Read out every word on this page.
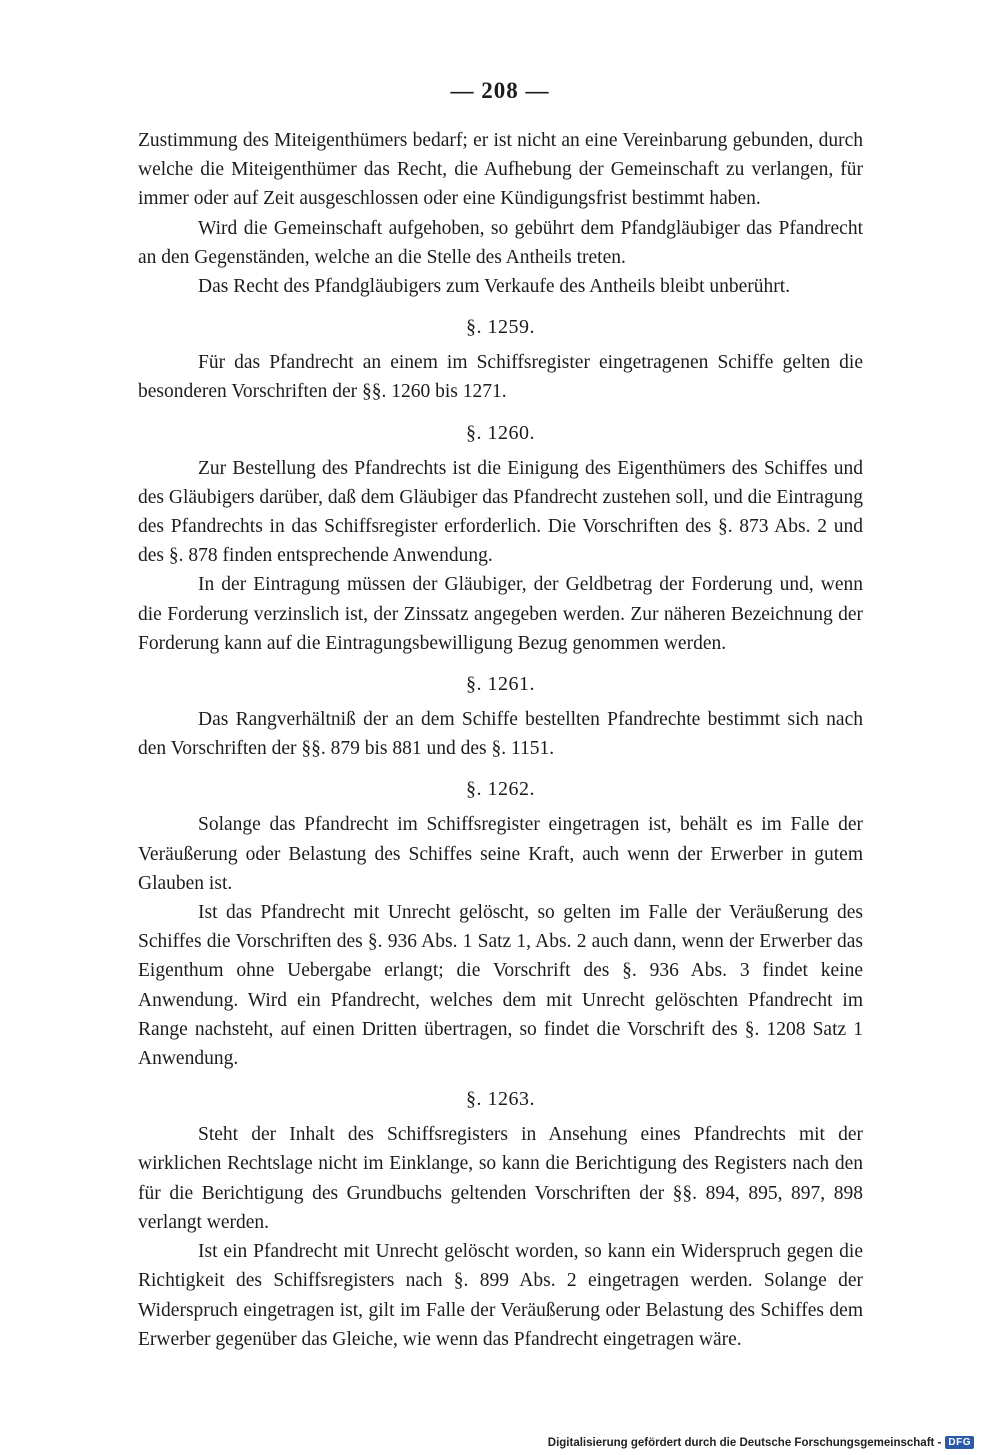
— 208 —

Zustimmung des Miteigenthümers bedarf; er ist nicht an eine Vereinbarung gebunden, durch welche die Miteigenthümer das Recht, die Aufhebung der Gemeinschaft zu verlangen, für immer oder auf Zeit ausgeschlossen oder eine Kündigungsfrist bestimmt haben.

Wird die Gemeinschaft aufgehoben, so gebührt dem Pfandgläubiger das Pfandrecht an den Gegenständen, welche an die Stelle des Antheils treten.

Das Recht des Pfandgläubigers zum Verkaufe des Antheils bleibt unberührt.

§. 1259.

Für das Pfandrecht an einem im Schiffsregister eingetragenen Schiffe gelten die besonderen Vorschriften der §§. 1260 bis 1271.

§. 1260.

Zur Bestellung des Pfandrechts ist die Einigung des Eigenthümers des Schiffes und des Gläubigers darüber, daß dem Gläubiger das Pfandrecht zustehen soll, und die Eintragung des Pfandrechts in das Schiffsregister erforderlich. Die Vorschriften des §. 873 Abs. 2 und des §. 878 finden entsprechende Anwendung.

In der Eintragung müssen der Gläubiger, der Geldbetrag der Forderung und, wenn die Forderung verzinslich ist, der Zinssatz angegeben werden. Zur näheren Bezeichnung der Forderung kann auf die Eintragungsbewilligung Bezug genommen werden.

§. 1261.

Das Rangverhältniß der an dem Schiffe bestellten Pfandrechte bestimmt sich nach den Vorschriften der §§. 879 bis 881 und des §. 1151.

§. 1262.

Solange das Pfandrecht im Schiffsregister eingetragen ist, behält es im Falle der Veräußerung oder Belastung des Schiffes seine Kraft, auch wenn der Erwerber in gutem Glauben ist.

Ist das Pfandrecht mit Unrecht gelöscht, so gelten im Falle der Veräußerung des Schiffes die Vorschriften des §. 936 Abs. 1 Satz 1, Abs. 2 auch dann, wenn der Erwerber das Eigenthum ohne Uebergabe erlangt; die Vorschrift des §. 936 Abs. 3 findet keine Anwendung. Wird ein Pfandrecht, welches dem mit Unrecht gelöschten Pfandrecht im Range nachsteht, auf einen Dritten übertragen, so findet die Vorschrift des §. 1208 Satz 1 Anwendung.

§. 1263.

Steht der Inhalt des Schiffsregisters in Ansehung eines Pfandrechts mit der wirklichen Rechtslage nicht im Einklange, so kann die Berichtigung des Registers nach den für die Berichtigung des Grundbuchs geltenden Vorschriften der §§. 894, 895, 897, 898 verlangt werden.

Ist ein Pfandrecht mit Unrecht gelöscht worden, so kann ein Widerspruch gegen die Richtigkeit des Schiffsregisters nach §. 899 Abs. 2 eingetragen werden. Solange der Widerspruch eingetragen ist, gilt im Falle der Veräußerung oder Belastung des Schiffes dem Erwerber gegenüber das Gleiche, wie wenn das Pfandrecht eingetragen wäre.

Digitalisierung gefördert durch die Deutsche Forschungsgemeinschaft - DFG
